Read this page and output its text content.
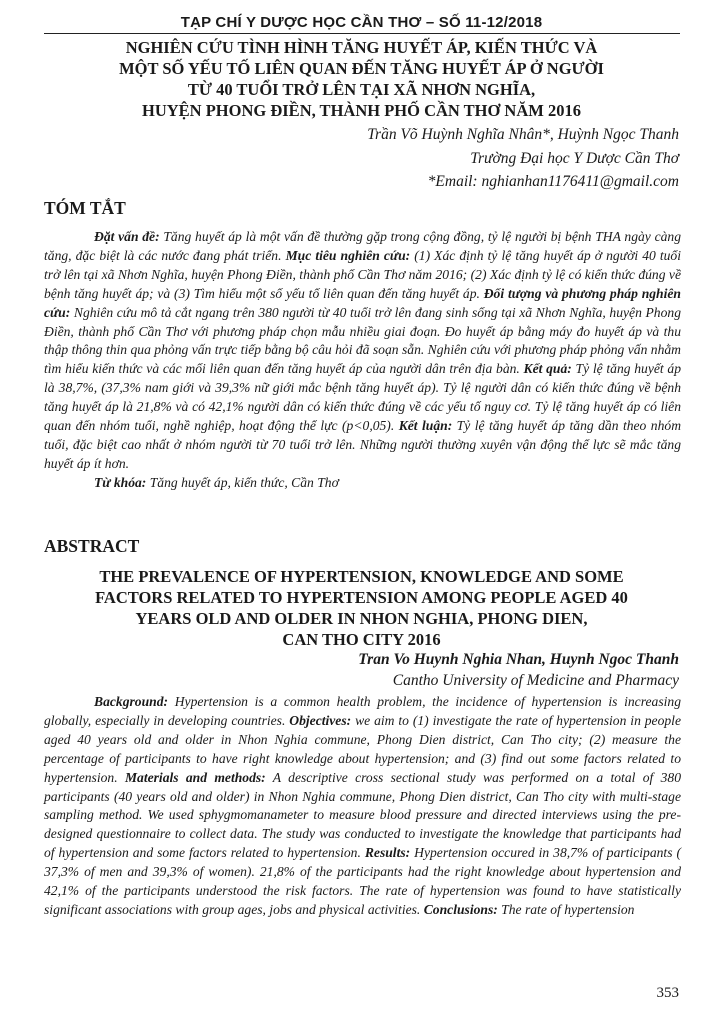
TẠP CHÍ Y DƯỢC HỌC CẦN THƠ – SỐ 11-12/2018
NGHIÊN CỨU TÌNH HÌNH TĂNG HUYẾT ÁP, KIẾN THỨC VÀ
MỘT SỐ YẾU TỐ LIÊN QUAN ĐẾN TĂNG HUYẾT ÁP Ở NGƯỜI
TỪ 40 TUỔI TRỞ LÊN TẠI XÃ NHƠN NGHĨA,
HUYỆN PHONG ĐIỀN, THÀNH PHỐ CẦN THƠ NĂM 2016
Trần Võ Huỳnh Nghĩa Nhân*, Huỳnh Ngọc Thanh
Trường Đại học Y Dược Cần Thơ
*Email: nghianhan1176411@gmail.com
TÓM TẮT

Đặt vấn đề: Tăng huyết áp là một vấn đề thường gặp trong cộng đồng, tỷ lệ người bị bệnh THA ngày càng tăng, đặc biệt là các nước đang phát triển. Mục tiêu nghiên cứu: (1) Xác định tỷ lệ tăng huyết áp ở người 40 tuổi trở lên tại xã Nhơn Nghĩa, huyện Phong Điền, thành phố Cần Thơ năm 2016; (2) Xác định tỷ lệ có kiến thức đúng về bệnh tăng huyết áp; và (3) Tìm hiểu một số yếu tố liên quan đến tăng huyết áp. Đối tượng và phương pháp nghiên cứu: Nghiên cứu mô tả cắt ngang trên 380 người từ 40 tuổi trở lên đang sinh sống tại xã Nhơn Nghĩa, huyện Phong Điền, thành phố Cần Thơ với phương pháp chọn mẫu nhiều giai đoạn. Đo huyết áp bằng máy đo huyết áp và thu thập thông thin qua phỏng vấn trực tiếp bằng bộ câu hỏi đã soạn sẵn. Nghiên cứu với phương pháp phỏng vấn nhằm tìm hiểu kiến thức và các mối liên quan đến tăng huyết áp của người dân trên địa bàn. Kết quả: Tỷ lệ tăng huyết áp là 38,7%, (37,3% nam giới và 39,3% nữ giới mắc bệnh tăng huyết áp). Tỷ lệ người dân có kiến thức đúng về bệnh tăng huyết áp là 21,8% và có 42,1% người dân có kiến thức đúng về các yếu tố nguy cơ. Tỷ lệ tăng huyết áp có liên quan đến nhóm tuổi, nghề nghiệp, hoạt động thể lực (p<0,05). Kết luận: Tỷ lệ tăng huyết áp tăng dần theo nhóm tuổi, đặc biệt cao nhất ở nhóm người từ 70 tuổi trở lên. Những người thường xuyên vận động thể lực sẽ mắc tăng huyết áp ít hơn.

Từ khóa: Tăng huyết áp, kiến thức, Cần Thơ

ABSTRACT
THE PREVALENCE OF HYPERTENSION, KNOWLEDGE AND SOME
FACTORS RELATED TO HYPERTENSION AMONG PEOPLE AGED 40
YEARS OLD AND OLDER IN NHON NGHIA, PHONG DIEN,
CAN THO CITY 2016
Tran Vo Huynh Nghia Nhan, Huynh Ngoc Thanh
Cantho University of Medicine and Pharmacy

Background: Hypertension is a common health problem, the incidence of hypertension is increasing globally, especially in developing countries. Objectives: we aim to (1) investigate the rate of hypertension in people aged 40 years old and older in Nhon Nghia commune, Phong Dien district, Can Tho city; (2) measure the percentage of participants to have right knowledge about hypertension; and (3) find out some factors related to hypertension. Materials and methods: A descriptive cross sectional study was performed on a total of 380 participants (40 years old and older) in Nhon Nghia commune, Phong Dien district, Can Tho city with multi-stage sampling method. We used sphygmomanameter to measure blood pressure and directed interviews using the pre-designed questionnaire to collect data. The study was conducted to investigate the knowledge that participants had of hypertension and some factors related to hypertension. Results: Hypertension occured in 38,7% of participants ( 37,3% of men and 39,3% of women). 21,8% of the participants had the right knowledge about hypertension and 42,1% of the participants understood the risk factors. The rate of hypertension was found to have statistically significant associations with group ages, jobs and physical activities. Conclusions: The rate of hypertension

353
